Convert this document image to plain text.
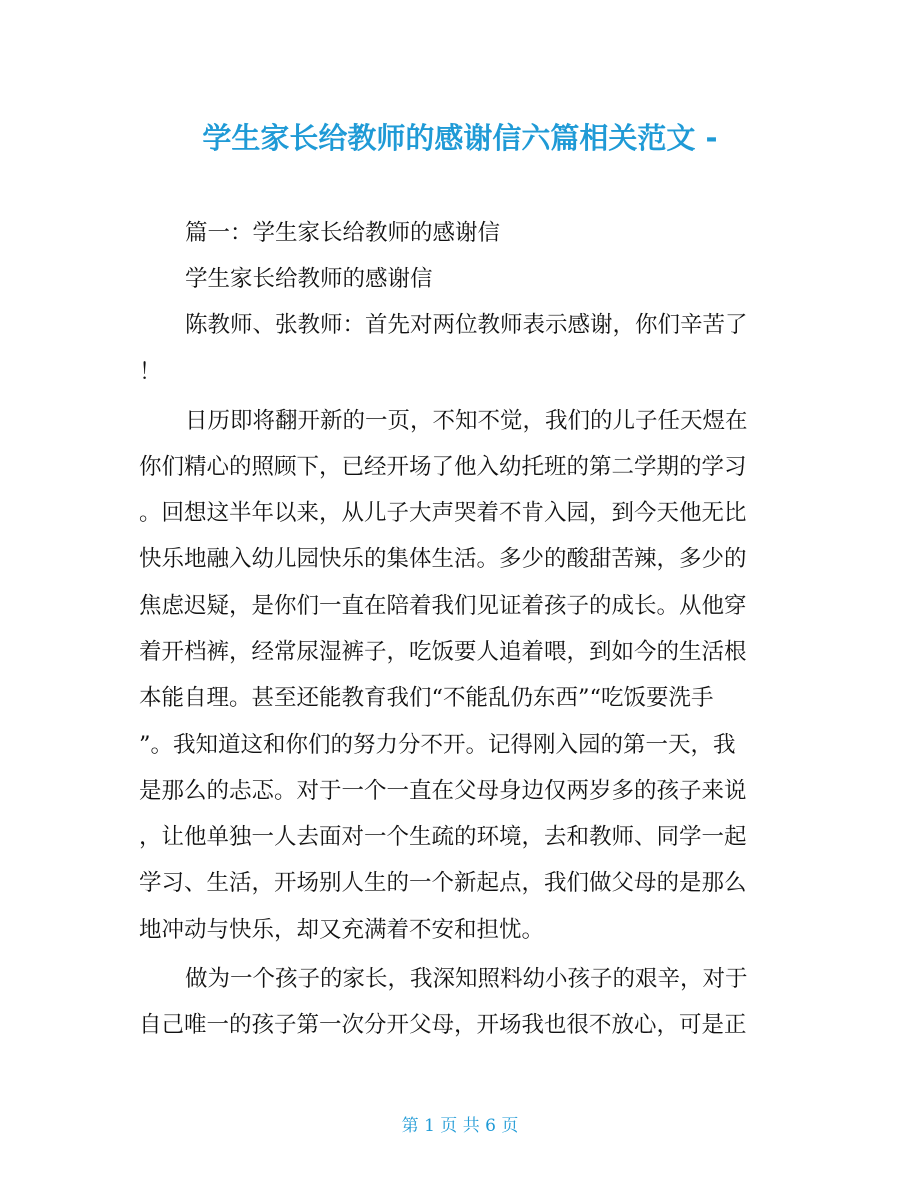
学生家长给教师的感谢信六篇相关范文 -
篇一：学生家长给教师的感谢信
学生家长给教师的感谢信
陈教师、张教师：首先对两位教师表示感谢，你们辛苦了
！
日历即将翻开新的一页，不知不觉，我们的儿子任天煜在
你们精心的照顾下，已经开场了他入幼托班的第二学期的学习
。回想这半年以来，从儿子大声哭着不肯入园，到今天他无比
快乐地融入幼儿园快乐的集体生活。多少的酸甜苦辣，多少的
焦虑迟疑，是你们一直在陪着我们见证着孩子的成长。从他穿
着开档裤，经常尿湿裤子，吃饭要人追着喂，到如今的生活根
本能自理。甚至还能教育我们“不能乱仍东西”“吃饭要洗手
”。我知道这和你们的努力分不开。记得刚入园的第一天，我
是那么的忐忑。对于一个一直在父母身边仅两岁多的孩子来说
，让他单独一人去面对一个生疏的环境，去和教师、同学一起
学习、生活，开场别人生的一个新起点，我们做父母的是那么
地冲动与快乐，却又充满着不安和担忧。
做为一个孩子的家长，我深知照料幼小孩子的艰辛，对于
自己唯一的孩子第一次分开父母，开场我也很不放心，可是正
第 1 页 共 6 页
